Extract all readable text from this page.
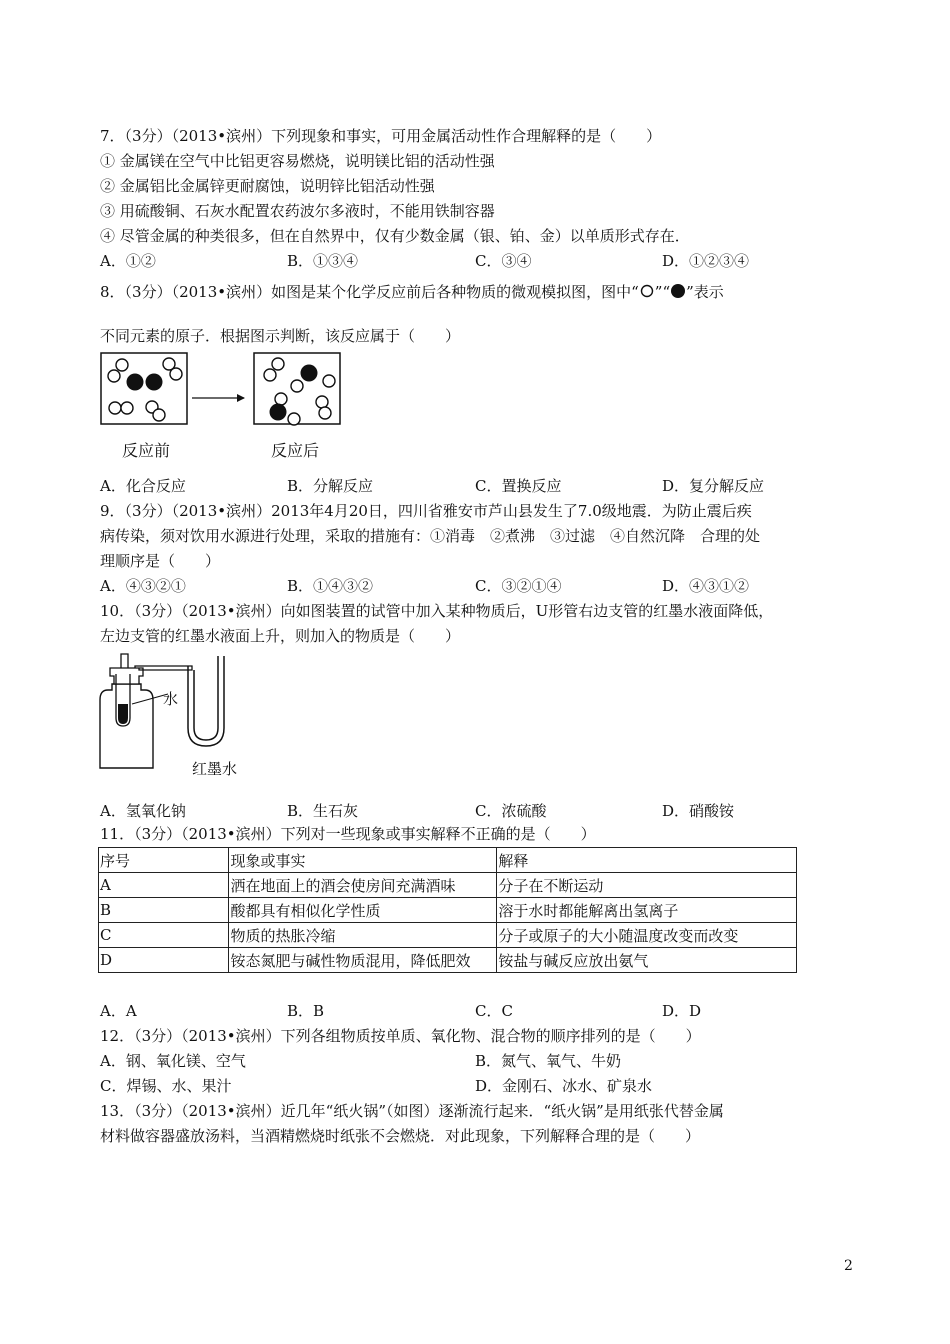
7．（3分）（2013•滨州）下列现象和事实，可用金属活动性作合理解释的是（　　）
① 金属镁在空气中比铝更容易燃烧，说明镁比铝的活动性强
② 金属铝比金属锌更耐腐蚀，说明锌比铝活动性强
③ 用硫酸铜、石灰水配置农药波尔多液时，不能用铁制容器
④ 尽管金属的种类很多，但在自然界中，仅有少数金属（银、铂、金）以单质形式存在．
A．①②	B．①③④	C．③④	D．①②③④
8．（3分）（2013•滨州）如图是某个化学反应前后各种物质的微观模拟图，图中“ ”“ ”表示
不同元素的原子．根据图示判断，该反应属于（　　）
反应前	反应后
A．化合反应	B．分解反应	C．置换反应	D．复分解反应
9．（3分）（2013•滨州）2013年4月20日，四川省雅安市芦山县发生了7.0级地震．为防止震后疾
病传染，须对饮用水源进行处理，采取的措施有：①消毒　②煮沸　③过滤　④自然沉降　合理的处
理顺序是（　　）
A．④③②①	B．①④③②	C．③②①④	D．④③①②
10．（3分）（2013•滨州）向如图装置的试管中加入某种物质后，U形管右边支管的红墨水液面降低，
左边支管的红墨水液面上升，则加入的物质是（　　）
水
红墨水
A．氢氧化钠	B．生石灰	C．浓硫酸	D．硝酸铵
11．（3分）（2013•滨州）下列对一些现象或事实解释不正确的是（　　）
序号	现象或事实	解释
A	洒在地面上的酒会使房间充满酒味	分子在不断运动
B	酸都具有相似化学性质	溶于水时都能解离出氢离子
C	物质的热胀冷缩	分子或原子的大小随温度改变而改变
D	铵态氮肥与碱性物质混用，降低肥效	铵盐与碱反应放出氨气
A．A	B．B	C．C	D．D
12．（3分）（2013•滨州）下列各组物质按单质、氧化物、混合物的顺序排列的是（　　）
A．钢、氧化镁、空气	B．氮气、氧气、牛奶
C．焊锡、水、果汁	D．金刚石、冰水、矿泉水
13．（3分）（2013•滨州）近几年“纸火锅”（如图）逐渐流行起来．“纸火锅”是用纸张代替金属
材料做容器盛放汤料，当酒精燃烧时纸张不会燃烧．对此现象，下列解释合理的是（　　）
2
